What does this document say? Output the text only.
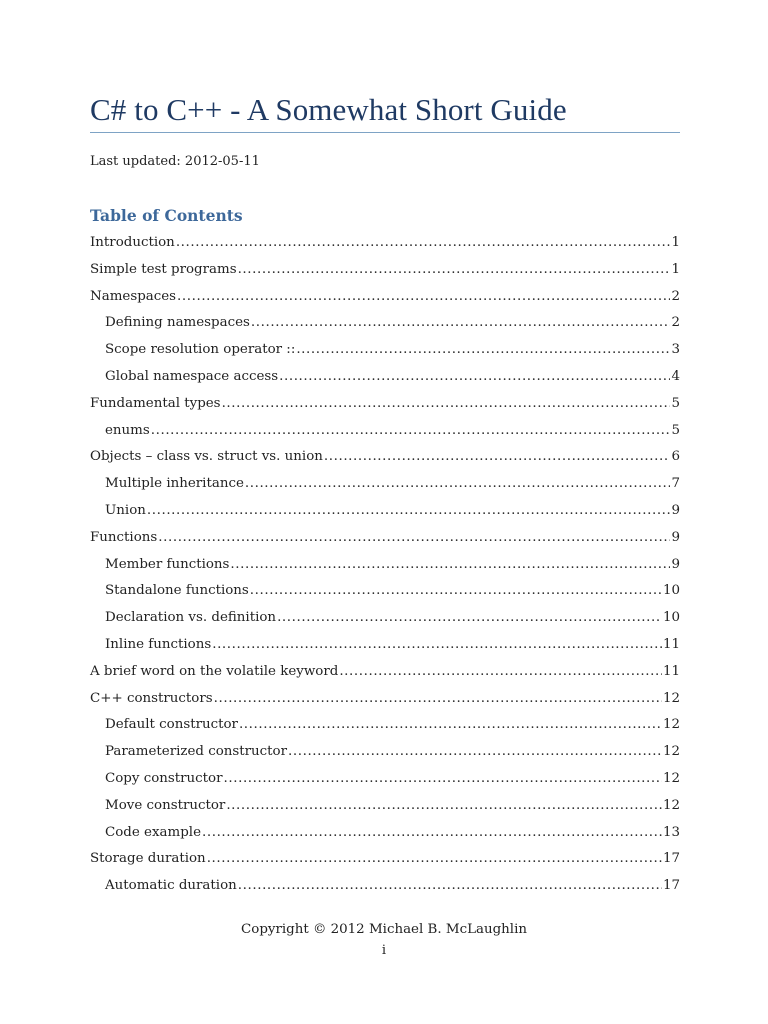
C# to C++ - A Somewhat Short Guide
Last updated: 2012-05-11
Table of Contents
Introduction .....	1
Simple test programs .....	1
Namespaces .....	2
Defining namespaces .....	2
Scope resolution operator :: .....	3
Global namespace access .....	4
Fundamental types .....	5
enums .....	5
Objects – class vs. struct vs. union .....	6
Multiple inheritance .....	7
Union .....	9
Functions .....	9
Member functions .....	9
Standalone functions .....	10
Declaration vs. definition .....	10
Inline functions .....	11
A brief word on the volatile keyword .....	11
C++ constructors .....	12
Default constructor .....	12
Parameterized constructor .....	12
Copy constructor .....	12
Move constructor .....	12
Code example .....	13
Storage duration .....	17
Automatic duration .....	17
Copyright © 2012 Michael B. McLaughlin
i
